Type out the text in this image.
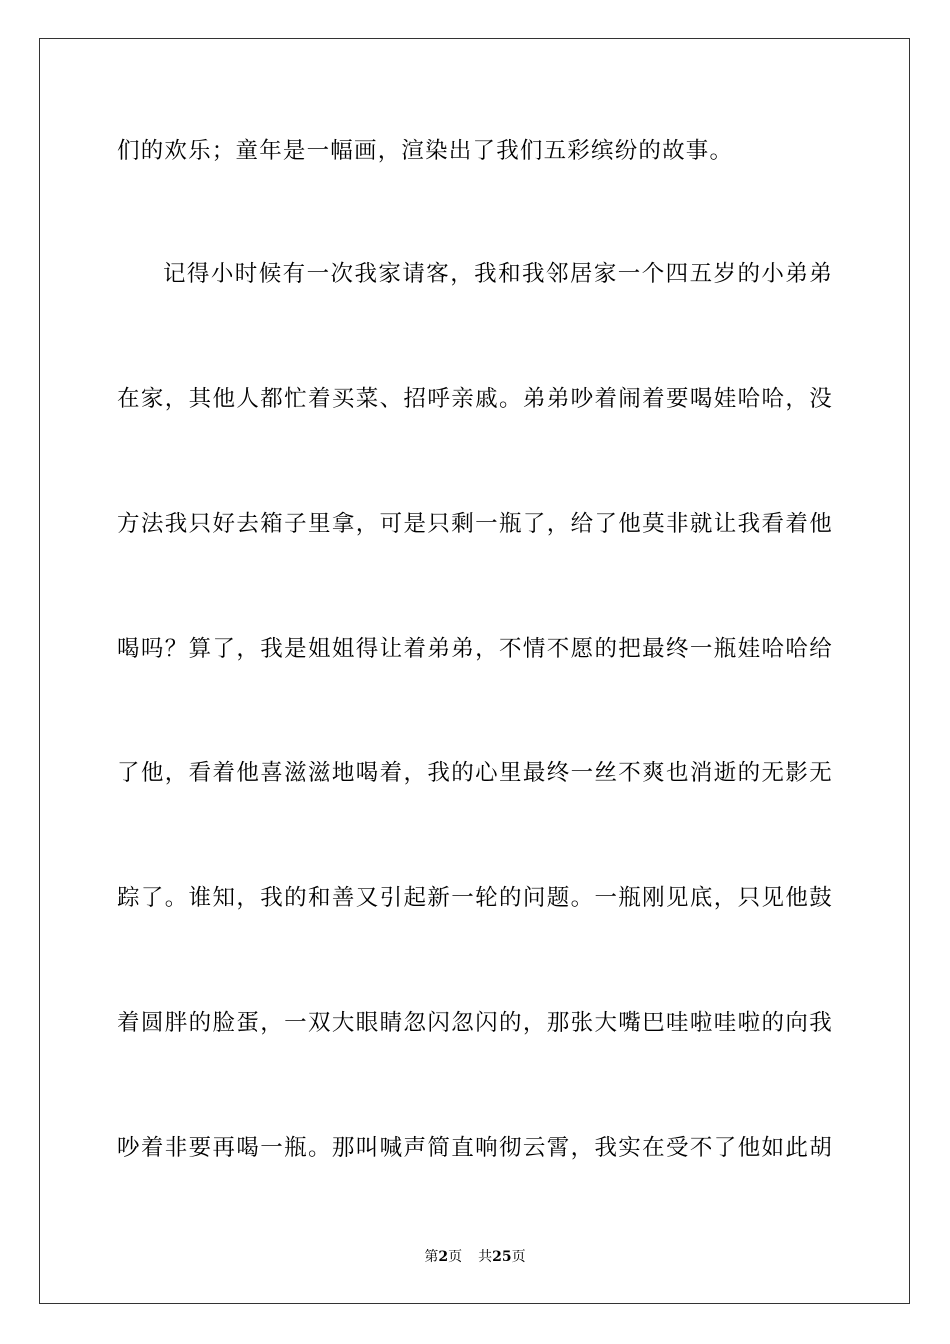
们的欢乐；童年是一幅画，渲染出了我们五彩缤纷的故事。
记得小时候有一次我家请客，我和我邻居家一个四五岁的小弟弟
在家，其他人都忙着买菜、招呼亲戚。弟弟吵着闹着要喝娃哈哈，没
方法我只好去箱子里拿，可是只剩一瓶了，给了他莫非就让我看着他
喝吗？算了，我是姐姐得让着弟弟，不情不愿的把最终一瓶娃哈哈给
了他，看着他喜滋滋地喝着，我的心里最终一丝不爽也消逝的无影无
踪了。谁知，我的和善又引起新一轮的问题。一瓶刚见底，只见他鼓
着圆胖的脸蛋，一双大眼睛忽闪忽闪的，那张大嘴巴哇啦哇啦的向我
吵着非要再喝一瓶。那叫喊声简直响彻云霄，我实在受不了他如此胡
第2页 共25页
